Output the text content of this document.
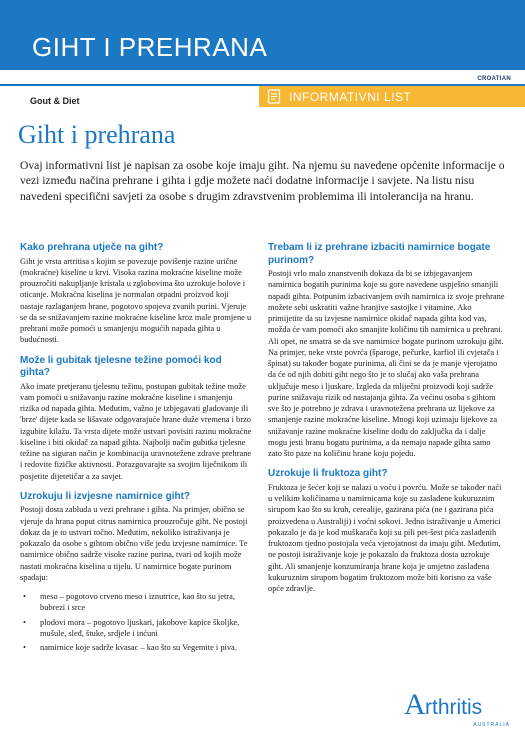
GIHT I PREHRANA
CROATIAN
Gout & Diet	INFORMATIVNI LIST
Giht i prehrana
Ovaj informativni list je napisan za osobe koje imaju giht. Na njemu su navedene općenite informacije o vezi između načina prehrane i gihta i gdje možete naći dodatne informacije i savjete. Na listu nisu navedeni specifični savjeti za osobe s drugim zdravstvenim problemima ili intolerancija na hranu.
Kako prehrana utječe na giht?
Giht je vrsta artritisa s kojim se povezuje povišenje razine uričnе (mokraćne) kiseline u krvi. Visoka razina mokraćne kiseline može prouzročiti nakupljanje kristala u zglobovima što uzrokuje bolove i oticanje. Mokraćna kiselina je normalan otpadni proizvod koji nastaje razlaganjem hrane, pogotovo spojeva zvanih purini. Vjeruje se da se snižavanjem razine mokraćne kiseline kroz male promjene u prehrani može pomoći u smanjenju mogućih napada gihta u budućnosti.
Može li gubitak tjelesne težine pomoći kod gihta?
Ako imate pretjeranu tjelesnu težinu, postupan gubitak težine može vam pomoći u snižavanju razine mokraćne kiseline i smanjenju rizika od napada gihta. Međutim, važno je izbjegavati gladovanje ili 'brze' dijete kada se lišavate odgovarajuće hrane duže vremena i brzo izgubite kilažu. Ta vrsta dijete može ustvari povisiti razinu mokraćne kiseline i biti okidač za napad gihta. Najbolji način gubitka tjelesne težine na siguran način je kombinacija uravnotežene zdrave prehrane i redovite fizičke aktivnosti. Porazgovarajte sa svojim liječnikom ili posjetite dijetetičar a za savjet.
Uzrokuju li izvjesne namirnice giht?
Postoji dosta zabluda u vezi prehrane i gihta. Na primjer, obično se vjeruje da hrana poput citrus namirnica prouzročuje giht. Ne postoji dokaz da je to ustvari točno. Međutim, nekoliko istraživanja je pokazalo da osobe s gihtom obično više jedu izvjesne namirnice. Te namirnice obično sadrže visoke razine purina, tvari od kojih može nastati mokraćna kiselina u tijelu. U namirnice bogate purinom spadaju:
• meso – pogotovo crveno meso i iznutrice, kao što su jetra, bubrezi i srce
• plodovi mora – pogotovo ljuskari, jakobove kapice školjke, mušule, sleđ, štuke, srdjele i inćuni
• namirnice koje sadrže kvasac – kao što su Vegemite i piva.
Trebam li iz prehrane izbaciti namirnice bogate purinom?
Postoji vrlo malo znanstvenih dokaza da bi se izbjegavanjem namirnica bogatih purinima koje su gore navedene uspješno smanjili napadi gihta. Potpunim izbacivanjem ovih namirnica iz svoje prehrane možete sebi uskratiti važne hranjive sastojke i vitamine. Ako primijetite da su izvjesne namirnice okidač napada gihta kod vas, možda će vam pomoći ako smanjite količinu tih namirnica u prehrani. Ali opet, ne smatra se da sve namirnice bogate purinom uzrokuju giht. Na primjer, neke vrste povrća (šparoge, pečurke, karfiol ili cvjetača i špinat) su također bogate purinima, ali čini se da je manje vjerojatno da će od njih dobiti giht nego što je to slučaj ako vaša prehrana uključuje meso i ljuskare. Izgleda da mliječni proizvodi koji sadrže purine snižavaju rizik od nastajanja gihta. Za većinu osoba s gihtom sve što je potrebno je zdrava i uravnotežena prehrana uz lijekove za smanjenje razine mokraćne kiseline. Mnogi koji uzimaju lijekove za snižavanje razine mokraćne kiseline dođu do zaključka da i dalje mogu jesti hranu bogatu purinima, a da nemaju napade gihta samo zato što paze na količinu hrane koju pojedu.
Uzrokuje li fruktoza giht?
Fruktoza je šećer koji se nalazi u voću i povrću. Može se također naći u velikim količinama u namirnicama koje su zaslađene kukuruznim sirupom kao što su kruh, cerealije, gazirana pića (ne i gazirana pića proizvedena u Australiji) i voćni sokovi. Jedno istraživanje u Americi pokazalo je da je kod muškarača koji su pili pet-šest pića zaslađenih fruktozom tjedno postojala veća vjerojatnost da imaju giht. Međutim, ne postoji istraživanje koje je pokazalo da fruktoza dosta uzrokuje giht. Ali smanjenje konzumiranja hrane koja je umjetno zaslađena kukuruznim sirupom bogatim fruktozom može biti korisno za vaše opće zdravlje.
A rthritis
AUSTRALIA
